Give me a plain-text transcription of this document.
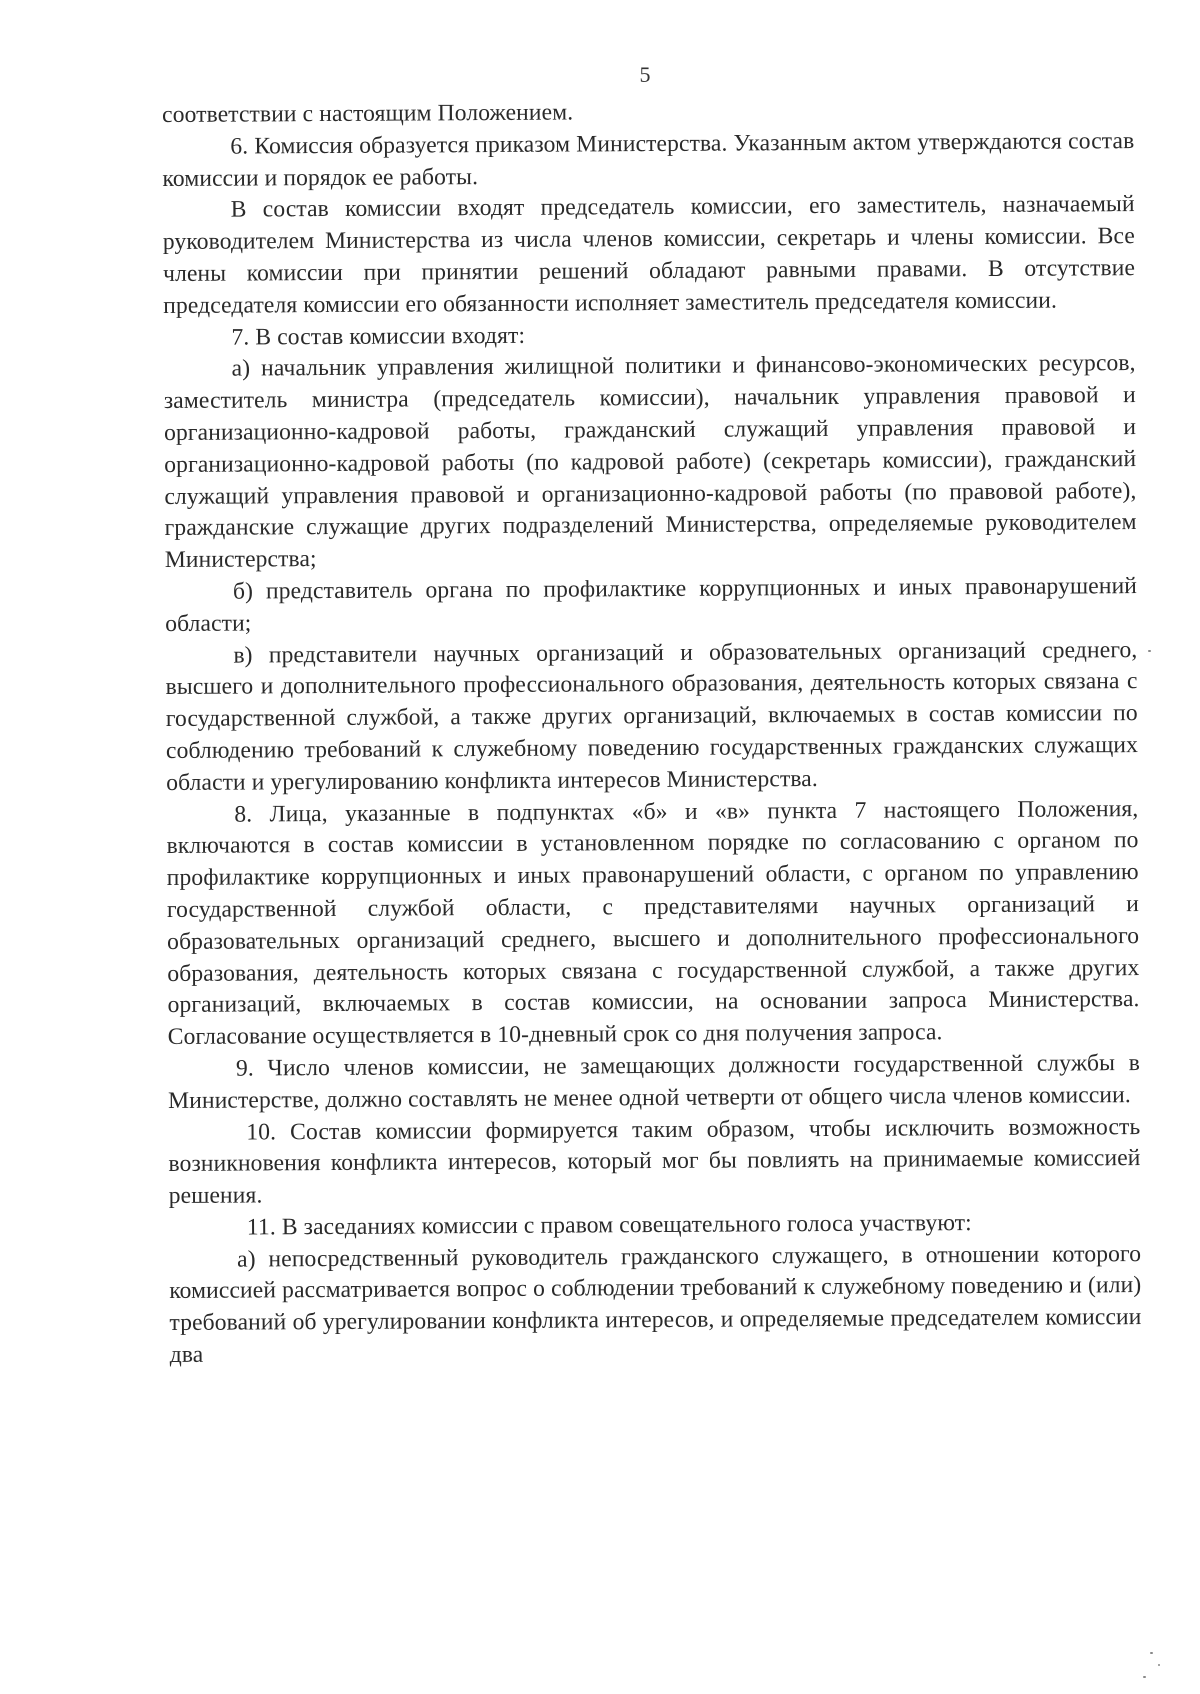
5

соответствии с настоящим Положением.

6. Комиссия образуется приказом Министерства. Указанным актом утверждаются состав комиссии и порядок ее работы.

В состав комиссии входят председатель комиссии, его заместитель, назначаемый руководителем Министерства из числа членов комиссии, секретарь и члены комиссии. Все члены комиссии при принятии решений обладают равными правами. В отсутствие председателя комиссии его обязанности исполняет заместитель председателя комиссии.

7. В состав комиссии входят:

а) начальник управления жилищной политики и финансово-экономических ресурсов, заместитель министра (председатель комиссии), начальник управления правовой и организационно-кадровой работы, гражданский служащий управления правовой и организационно-кадровой работы (по кадровой работе) (секретарь комиссии), гражданский служащий управления правовой и организационно-кадровой работы (по правовой работе), гражданские служащие других подразделений Министерства, определяемые руководителем Министерства;

б) представитель органа по профилактике коррупционных и иных правонарушений области;

в) представители научных организаций и образовательных организаций среднего, высшего и дополнительного профессионального образования, деятельность которых связана с государственной службой, а также других организаций, включаемых в состав комиссии по соблюдению требований к служебному поведению государственных гражданских служащих области и урегулированию конфликта интересов Министерства.

8. Лица, указанные в подпунктах «б» и «в» пункта 7 настоящего Положения, включаются в состав комиссии в установленном порядке по согласованию с органом по профилактике коррупционных и иных правонарушений области, с органом по управлению государственной службой области, с представителями научных организаций и образовательных организаций среднего, высшего и дополнительного профессионального образования, деятельность которых связана с государственной службой, а также других организаций, включаемых в состав комиссии, на основании запроса Министерства. Согласование осуществляется в 10-дневный срок со дня получения запроса.

9. Число членов комиссии, не замещающих должности государственной службы в Министерстве, должно составлять не менее одной четверти от общего числа членов комиссии.

10. Состав комиссии формируется таким образом, чтобы исключить возможность возникновения конфликта интересов, который мог бы повлиять на принимаемые комиссией решения.

11. В заседаниях комиссии с правом совещательного голоса участвуют:

а) непосредственный руководитель гражданского служащего, в отношении которого комиссией рассматривается вопрос о соблюдении требований к служебному поведению и (или) требований об урегулировании конфликта интересов, и определяемые председателем комиссии два
